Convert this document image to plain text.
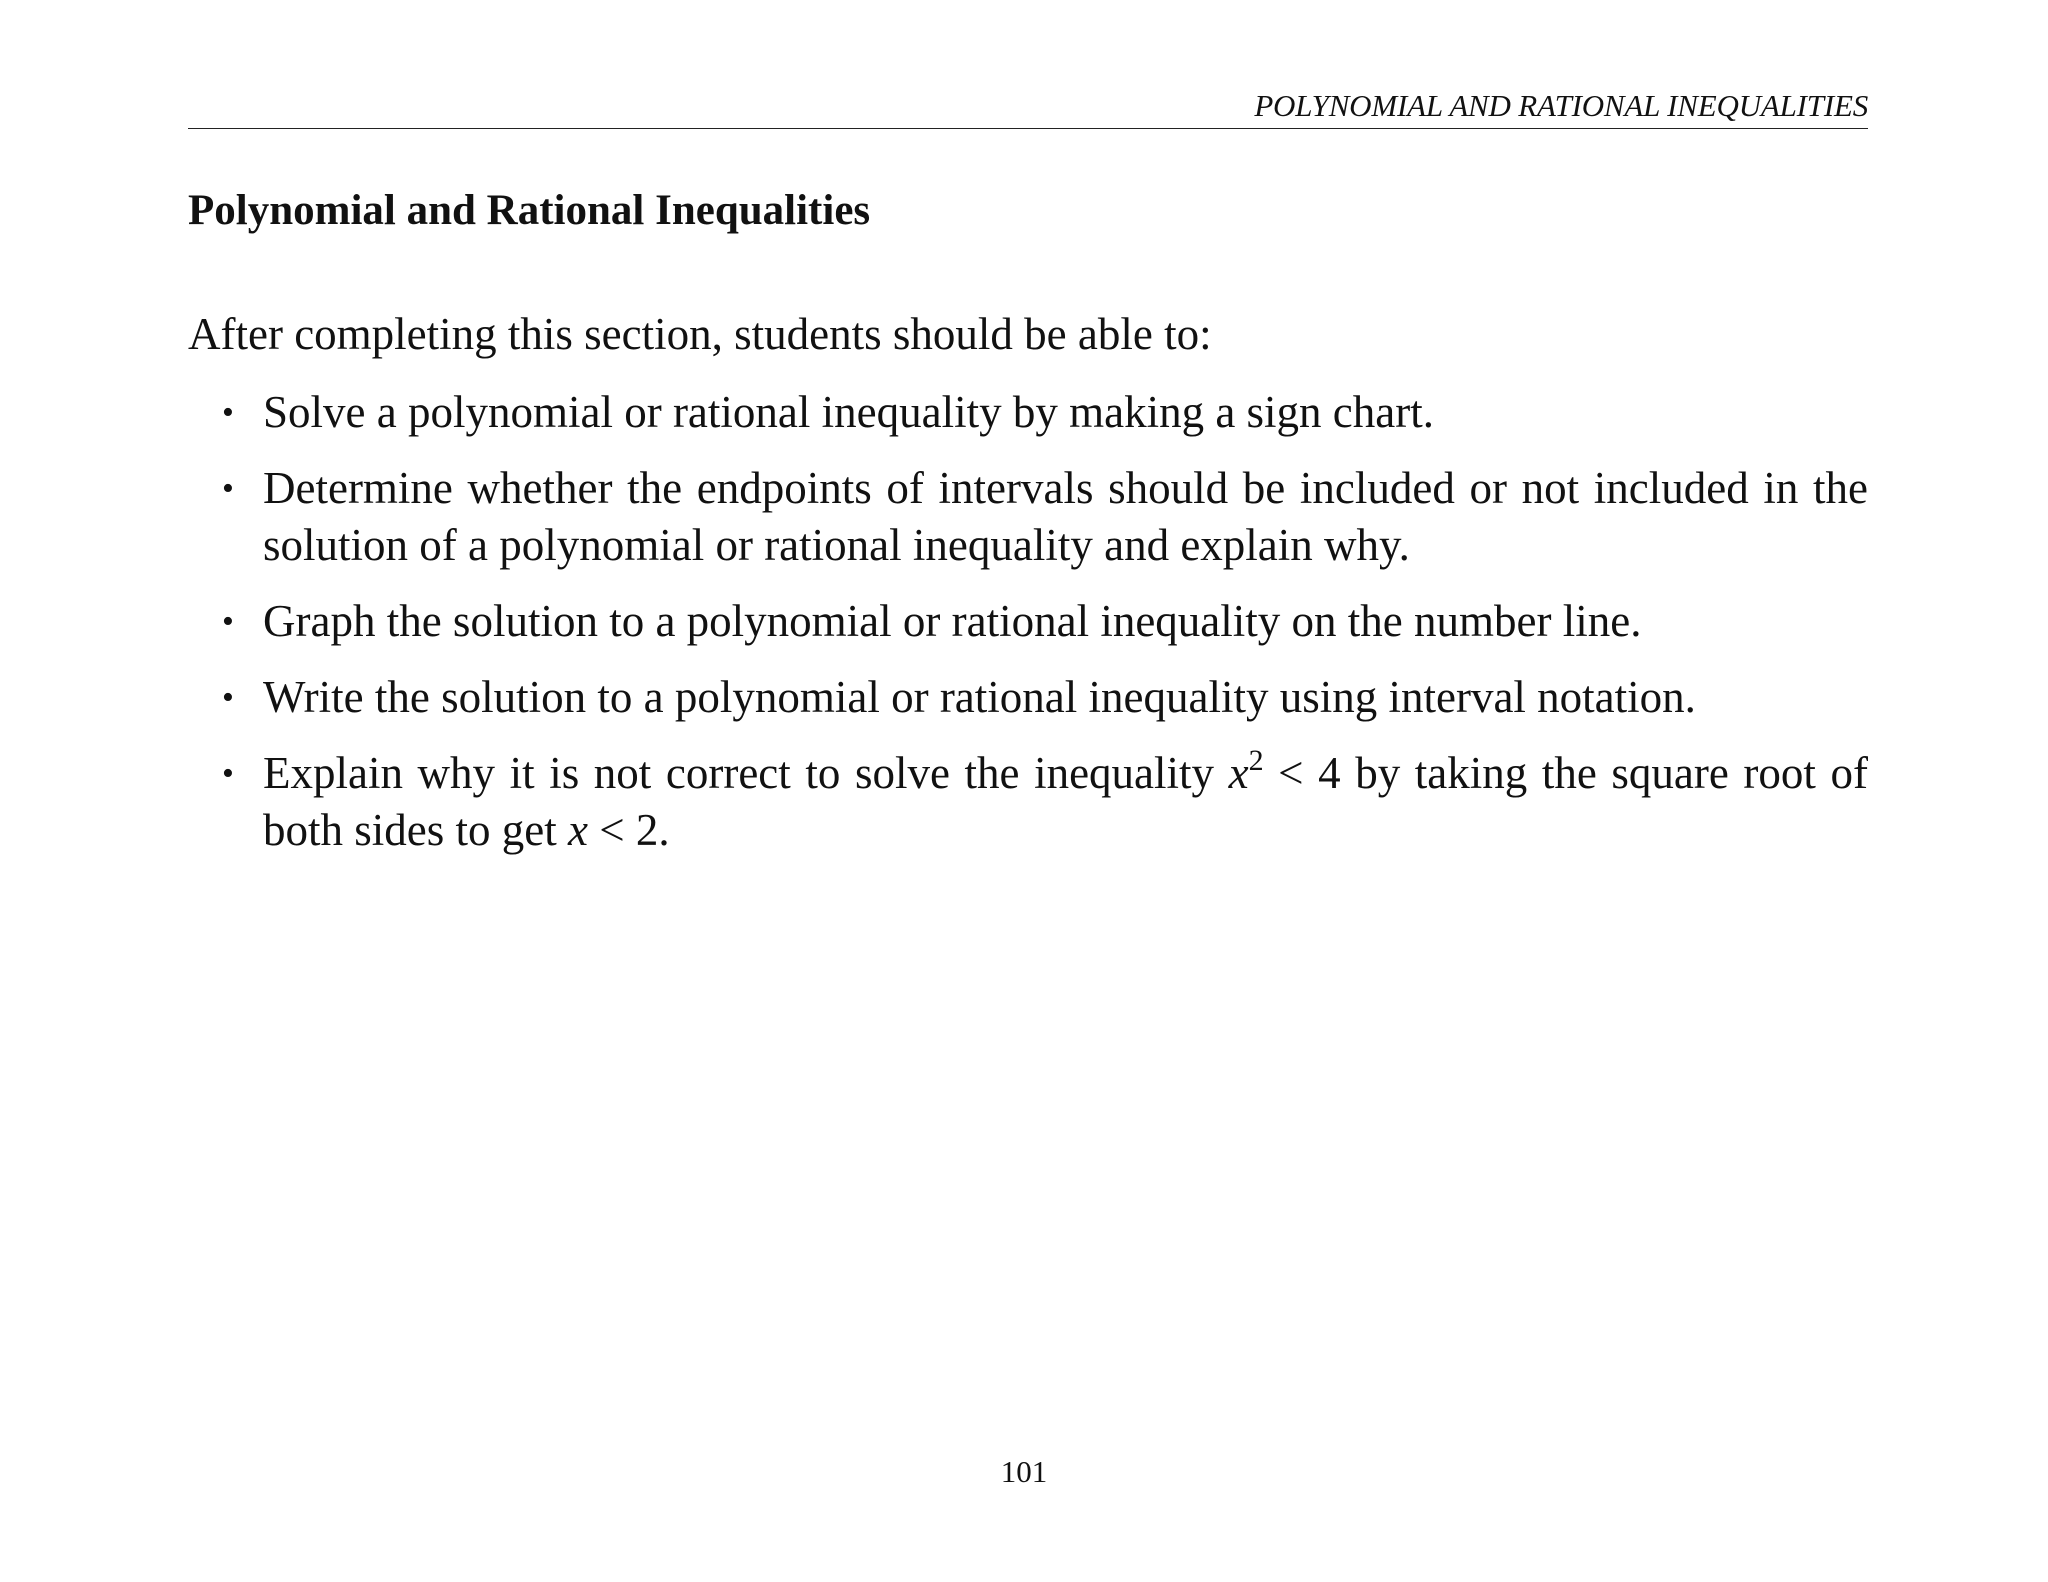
POLYNOMIAL AND RATIONAL INEQUALITIES
Polynomial and Rational Inequalities

After completing this section, students should be able to:

• Solve a polynomial or rational inequality by making a sign chart.
• Determine whether the endpoints of intervals should be included or not included in the solution of a polynomial or rational inequality and explain why.
• Graph the solution to a polynomial or rational inequality on the number line.
• Write the solution to a polynomial or rational inequality using interval notation.
• Explain why it is not correct to solve the inequality $x^2 < 4$ by taking the square root of both sides to get x < 2.
101
